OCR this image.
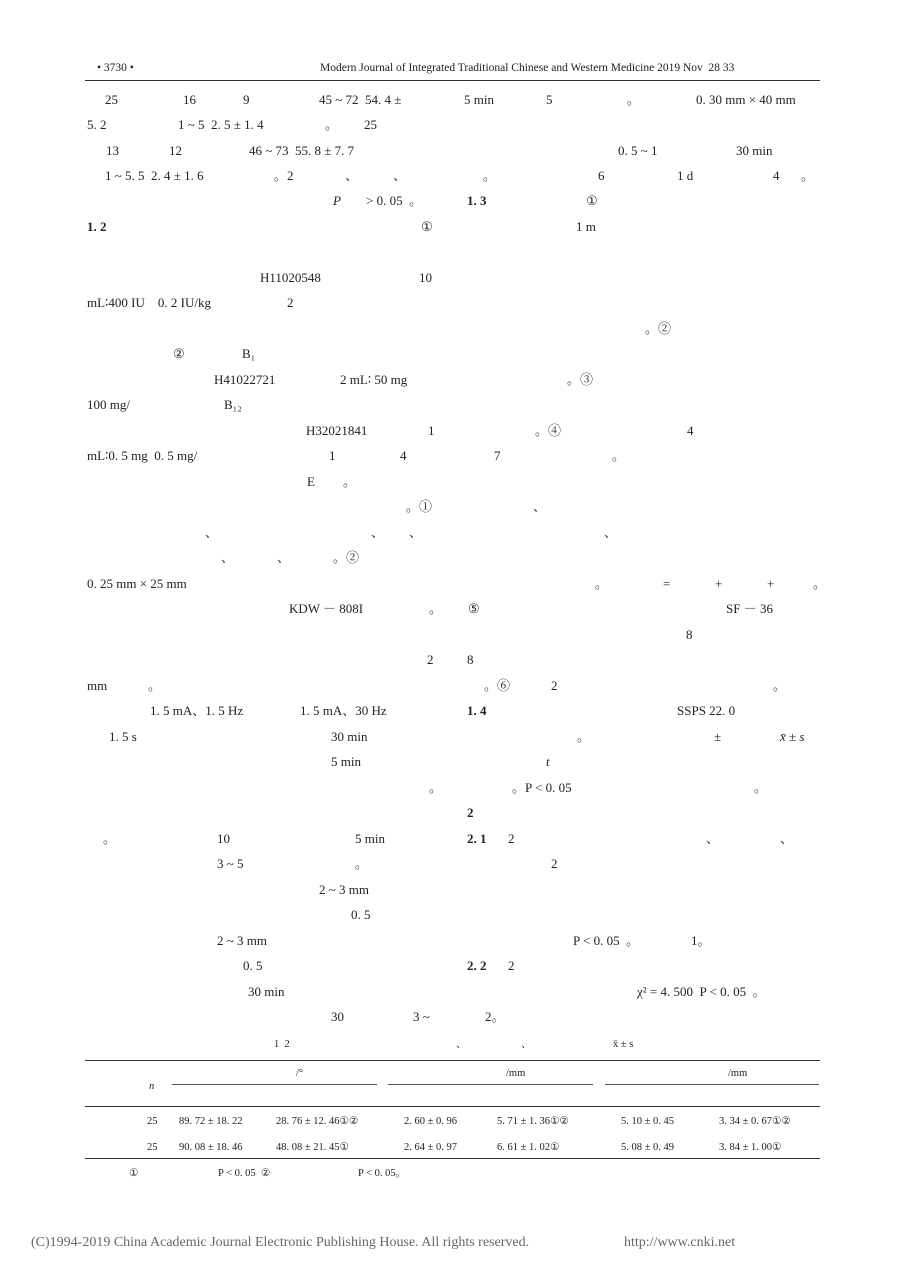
• 3730 •	Modern Journal of Integrated Traditional Chinese and Western Medicine 2019 Nov  28 33
25	16	9	45 ~ 72  54. 4 ±	5 min	5	。	0. 30 mm × 40 mm
5. 2	1 ~ 5  2. 5 ± 1. 4	。 25
13	12	46 ~ 73  55. 8 ± 7. 7	0. 5 ~ 1	30 min
1 ~ 5. 5  2. 4 ± 1. 6	。2	、	、	。	6	1 d	4 。
P > 0. 05  。	1. 3	①
1. 2	①	1 m
H11020548	10
mL∶400 IU    0. 2 IU/kg	2
。②
②	B₁
H41022721	2 mL∶ 50 mg	。③
100 mg/	B₁₂
H32021841	1	。④	4
mL∶0. 5 mg  0. 5 mg/	1	4	7	。
E 。
。①	、
、	、 、	、
、	、	。②
0. 25 mm × 25 mm	。	=	+	+	。
KDW － 808I	。 ⑤	SF － 36
8
2	8
mm	。	。⑥	2	。
1. 5 mA、1. 5 Hz	1. 5 mA、30 Hz	1. 4	SSPS 22. 0
1. 5 s	30 min	。	±	x̄ ± s
5 min	t
。	。P < 0. 05	。
2
。	10	5 min	2. 1 2	、	、
3 ~ 5	。	2
2 ~ 3 mm
0. 5
2 ~ 3 mm	P < 0. 05  。	1。
0. 5	2. 2 2
30 min	χ² = 4. 500  P < 0. 05  。
30	3 ~	2。
1  2	、	、	x̄ ± s
/°	/mm	/mm
n
25 89. 72 ± 18. 22	28. 76 ± 12. 46①②	2. 60 ± 0. 96	5. 71 ± 1. 36①②	5. 10 ± 0. 45	3. 34 ± 0. 67①②
25 90. 08 ± 18. 46	48. 08 ± 21. 45①	2. 64 ± 0. 97	6. 61 ± 1. 02①	5. 08 ± 0. 49	3. 84 ± 1. 00①
①	P < 0. 05  ②	P < 0. 05。
(C)1994-2019 China Academic Journal Electronic Publishing House. All rights reserved.	http://www.cnki.net
